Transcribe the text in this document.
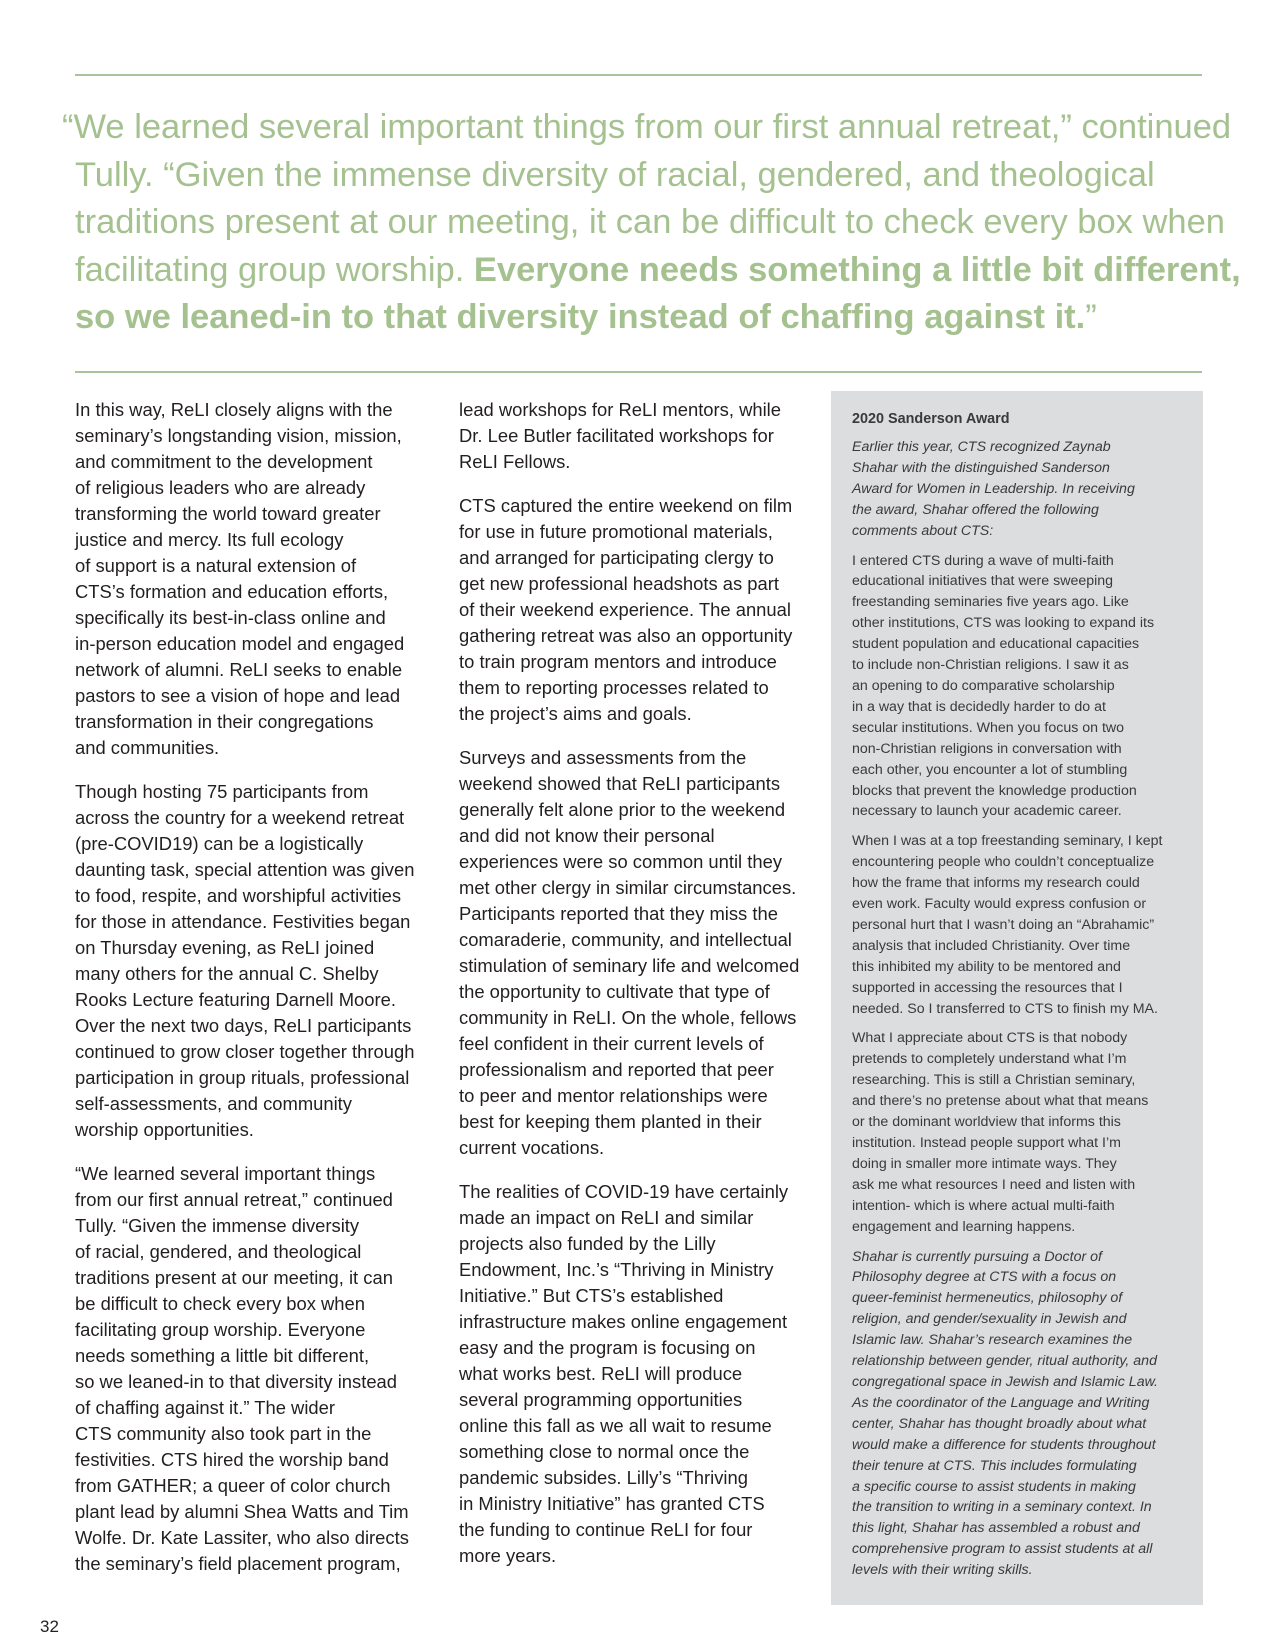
“We learned several important things from our first annual retreat,” continued
Tully. “Given the immense diversity of racial, gendered, and theological
traditions present at our meeting, it can be difficult to check every box when
facilitating group worship. Everyone needs something a little bit different,
so we leaned-in to that diversity instead of chaffing against it.”

In this way, ReLI closely aligns with the
seminary’s longstanding vision, mission,
and commitment to the development
of religious leaders who are already
transforming the world toward greater
justice and mercy. Its full ecology
of support is a natural extension of
CTS’s formation and education efforts,
specifically its best-in-class online and
in-person education model and engaged
network of alumni. ReLI seeks to enable
pastors to see a vision of hope and lead
transformation in their congregations
and communities.

Though hosting 75 participants from
across the country for a weekend retreat
(pre-COVID19) can be a logistically
daunting task, special attention was given
to food, respite, and worshipful activities
for those in attendance. Festivities began
on Thursday evening, as ReLI joined
many others for the annual C. Shelby
Rooks Lecture featuring Darnell Moore.
Over the next two days, ReLI participants
continued to grow closer together through
participation in group rituals, professional
self-assessments, and community
worship opportunities.

“We learned several important things
from our first annual retreat,” continued
Tully. “Given the immense diversity
of racial, gendered, and theological
traditions present at our meeting, it can
be difficult to check every box when
facilitating group worship. Everyone
needs something a little bit different,
so we leaned-in to that diversity instead
of chaffing against it.” The wider
CTS community also took part in the
festivities. CTS hired the worship band
from GATHER; a queer of color church
plant lead by alumni Shea Watts and Tim
Wolfe. Dr. Kate Lassiter, who also directs
the seminary’s field placement program,

lead workshops for ReLI mentors, while
Dr. Lee Butler facilitated workshops for
ReLI Fellows.

CTS captured the entire weekend on film
for use in future promotional materials,
and arranged for participating clergy to
get new professional headshots as part
of their weekend experience. The annual
gathering retreat was also an opportunity
to train program mentors and introduce
them to reporting processes related to
the project’s aims and goals.

Surveys and assessments from the
weekend showed that ReLI participants
generally felt alone prior to the weekend
and did not know their personal
experiences were so common until they
met other clergy in similar circumstances.
Participants reported that they miss the
comaraderie, community, and intellectual
stimulation of seminary life and welcomed
the opportunity to cultivate that type of
community in ReLI. On the whole, fellows
feel confident in their current levels of
professionalism and reported that peer
to peer and mentor relationships were
best for keeping them planted in their
current vocations.

The realities of COVID-19 have certainly
made an impact on ReLI and similar
projects also funded by the Lilly
Endowment, Inc.’s “Thriving in Ministry
Initiative.” But CTS’s established
infrastructure makes online engagement
easy and the program is focusing on
what works best. ReLI will produce
several programming opportunities
online this fall as we all wait to resume
something close to normal once the
pandemic subsides. Lilly’s “Thriving
in Ministry Initiative” has granted CTS
the funding to continue ReLI for four
more years.

2020 Sanderson Award

Earlier this year, CTS recognized Zaynab
Shahar with the distinguished Sanderson
Award for Women in Leadership. In receiving
the award, Shahar offered the following
comments about CTS:

I entered CTS during a wave of multi-faith
educational initiatives that were sweeping
freestanding seminaries five years ago. Like
other institutions, CTS was looking to expand its
student population and educational capacities
to include non-Christian religions. I saw it as
an opening to do comparative scholarship
in a way that is decidedly harder to do at
secular institutions. When you focus on two
non-Christian religions in conversation with
each other, you encounter a lot of stumbling
blocks that prevent the knowledge production
necessary to launch your academic career.

When I was at a top freestanding seminary, I kept
encountering people who couldn’t conceptualize
how the frame that informs my research could
even work. Faculty would express confusion or
personal hurt that I wasn’t doing an “Abrahamic”
analysis that included Christianity. Over time
this inhibited my ability to be mentored and
supported in accessing the resources that I
needed. So I transferred to CTS to finish my MA.

What I appreciate about CTS is that nobody
pretends to completely understand what I’m
researching. This is still a Christian seminary,
and there’s no pretense about what that means
or the dominant worldview that informs this
institution. Instead people support what I’m
doing in smaller more intimate ways. They
ask me what resources I need and listen with
intention- which is where actual multi-faith
engagement and learning happens.

Shahar is currently pursuing a Doctor of
Philosophy degree at CTS with a focus on
queer-feminist hermeneutics, philosophy of
religion, and gender/sexuality in Jewish and
Islamic law. Shahar’s research examines the
relationship between gender, ritual authority, and
congregational space in Jewish and Islamic Law.
As the coordinator of the Language and Writing
center, Shahar has thought broadly about what
would make a difference for students throughout
their tenure at CTS. This includes formulating
a specific course to assist students in making
the transition to writing in a seminary context. In
this light, Shahar has assembled a robust and
comprehensive program to assist students at all
levels with their writing skills.

32
